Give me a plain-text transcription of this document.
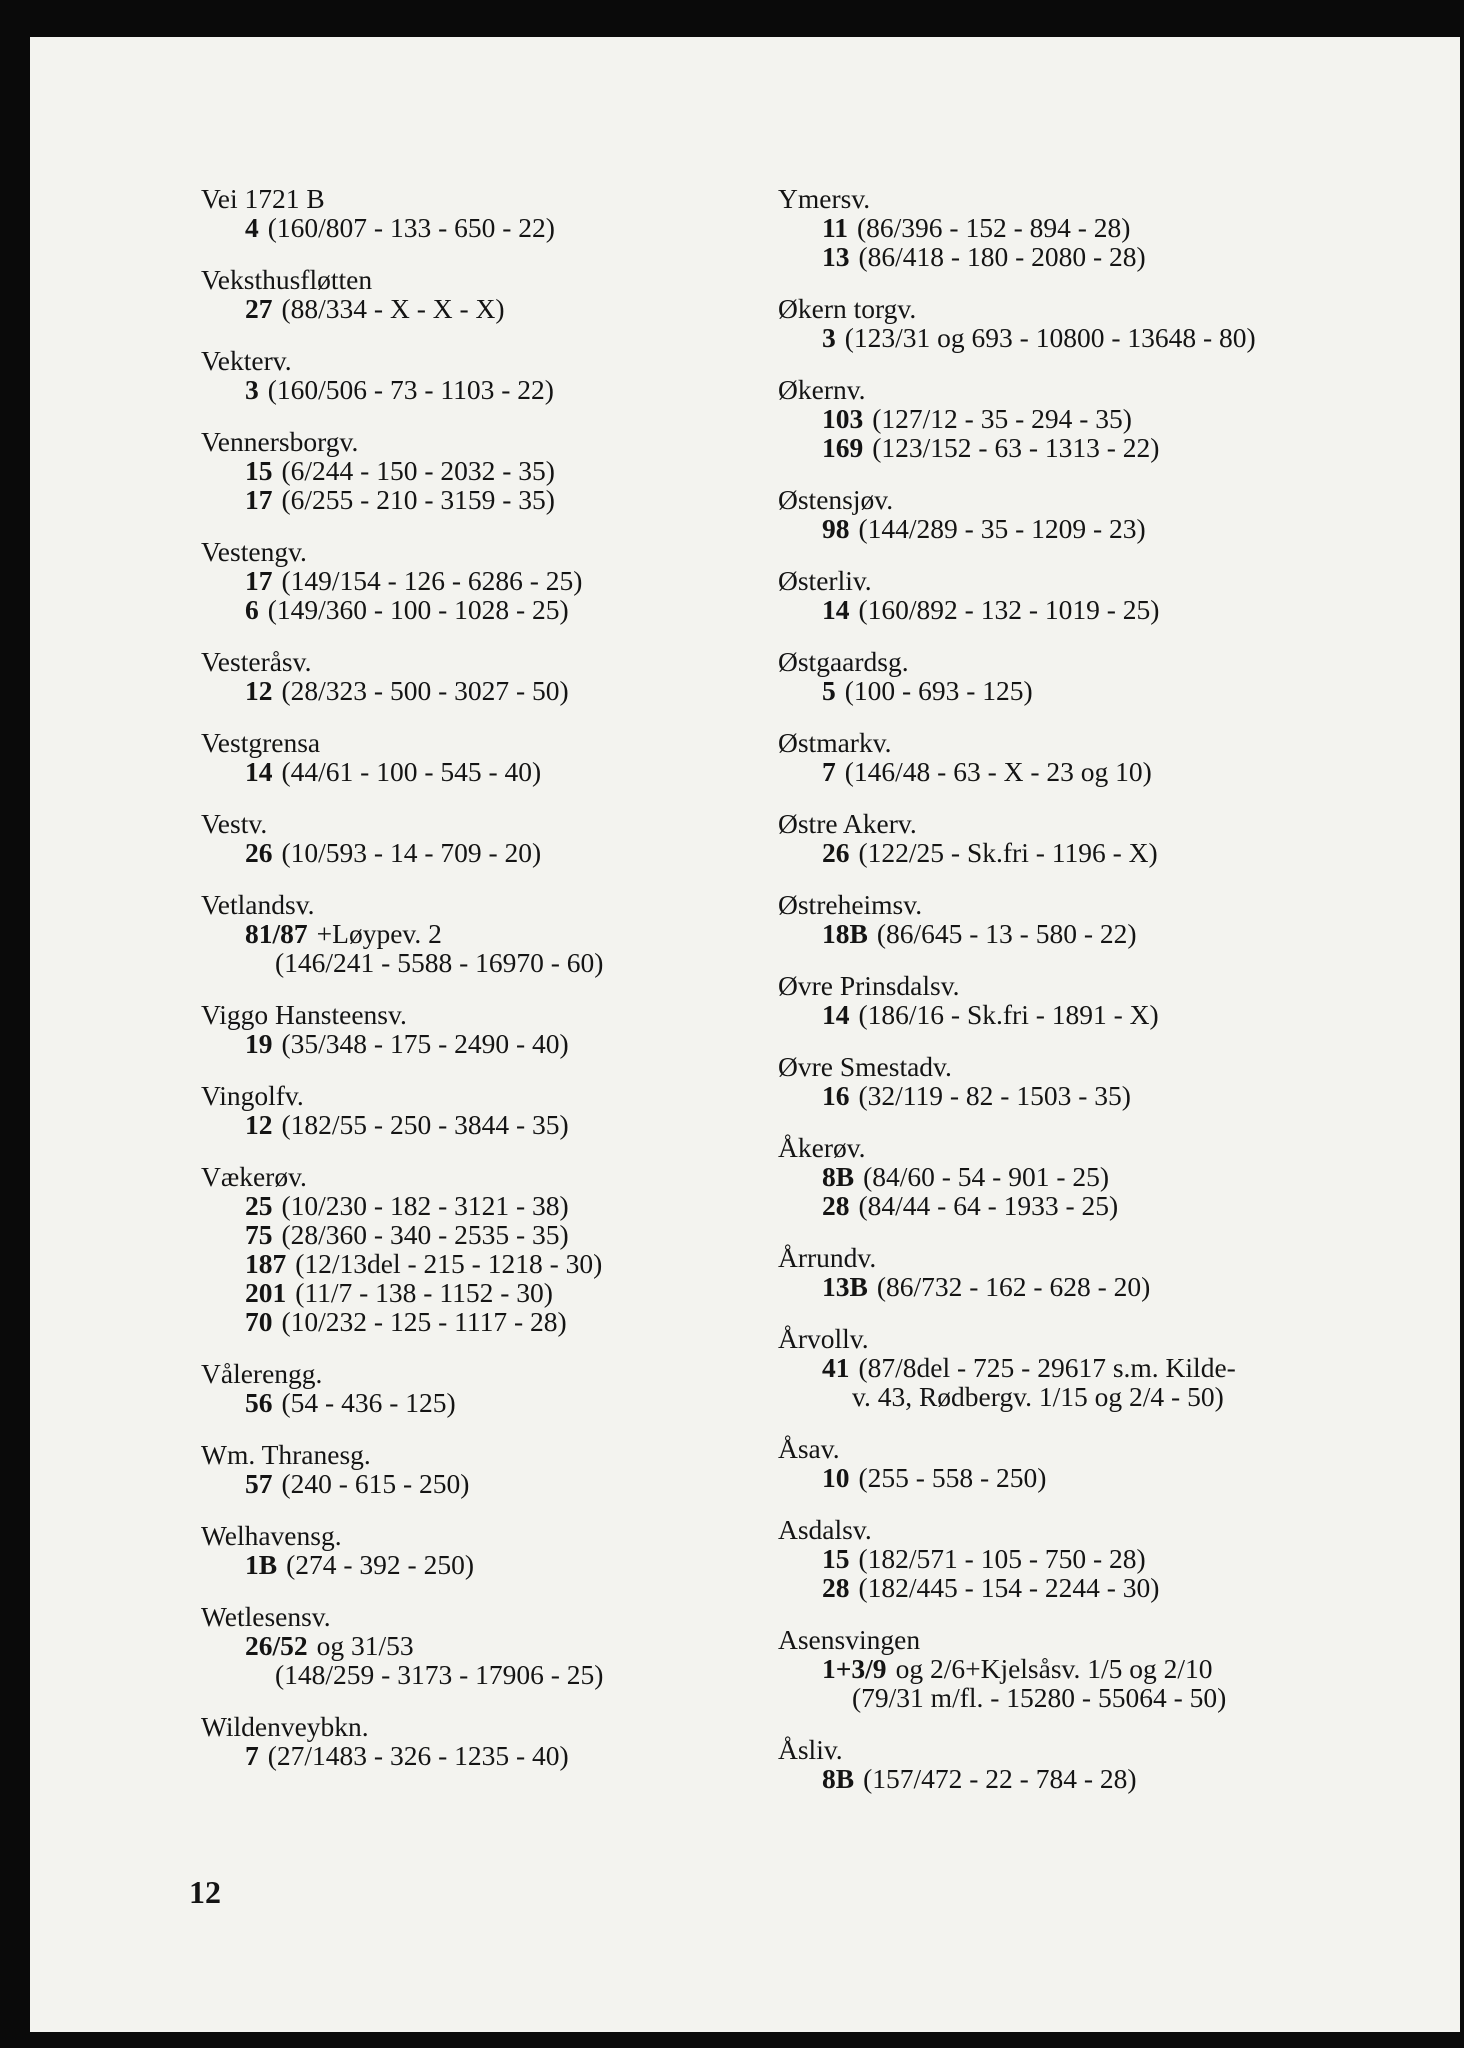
Vei 1721 B
4 (160/807 - 133 - 650 - 22)
Veksthusfløtten
27 (88/334 - X - X - X)
Vekterv.
3 (160/506 - 73 - 1103 - 22)
Vennersborgv.
15 (6/244 - 150 - 2032 - 35)
17 (6/255 - 210 - 3159 - 35)
Vestengv.
17 (149/154 - 126 - 6286 - 25)
6 (149/360 - 100 - 1028 - 25)
Vesteråsv.
12 (28/323 - 500 - 3027 - 50)
Vestgrensa
14 (44/61 - 100 - 545 - 40)
Vestv.
26 (10/593 - 14 - 709 - 20)
Vetlandsv.
81/87 +Løypev. 2
(146/241 - 5588 - 16970 - 60)
Viggo Hansteensv.
19 (35/348 - 175 - 2490 - 40)
Vingolfv.
12 (182/55 - 250 - 3844 - 35)
Vækerøv.
25 (10/230 - 182 - 3121 - 38)
75 (28/360 - 340 - 2535 - 35)
187 (12/13del - 215 - 1218 - 30)
201 (11/7 - 138 - 1152 - 30)
70 (10/232 - 125 - 1117 - 28)
Vålerengg.
56 (54 - 436 - 125)
Wm. Thranesg.
57 (240 - 615 - 250)
Welhavensg.
1B (274 - 392 - 250)
Wetlesensv.
26/52 og 31/53
(148/259 - 3173 - 17906 - 25)
Wildenveybkn.
7 (27/1483 - 326 - 1235 - 40)
Ymersv.
11 (86/396 - 152 - 894 - 28)
13 (86/418 - 180 - 2080 - 28)
Økern torgv.
3 (123/31 og 693 - 10800 - 13648 - 80)
Økernv.
103 (127/12 - 35 - 294 - 35)
169 (123/152 - 63 - 1313 - 22)
Østensjøv.
98 (144/289 - 35 - 1209 - 23)
Østerliv.
14 (160/892 - 132 - 1019 - 25)
Østgaardsg.
5 (100 - 693 - 125)
Østmarkv.
7 (146/48 - 63 - X - 23 og 10)
Østre Akerv.
26 (122/25 - Sk.fri - 1196 - X)
Østreheimsv.
18B (86/645 - 13 - 580 - 22)
Øvre Prinsdalsv.
14 (186/16 - Sk.fri - 1891 - X)
Øvre Smestadv.
16 (32/119 - 82 - 1503 - 35)
Åkerøv.
8B (84/60 - 54 - 901 - 25)
28 (84/44 - 64 - 1933 - 25)
Årrundv.
13B (86/732 - 162 - 628 - 20)
Årvollv.
41 (87/8del - 725 - 29617 s.m. Kilde-
v. 43, Rødbergv. 1/15 og 2/4 - 50)
Åsav.
10 (255 - 558 - 250)
Asdalsv.
15 (182/571 - 105 - 750 - 28)
28 (182/445 - 154 - 2244 - 30)
Asensvingen
1+3/9 og 2/6+Kjelsåsv. 1/5 og 2/10
(79/31 m/fl. - 15280 - 55064 - 50)
Åsliv.
8B (157/472 - 22 - 784 - 28)
12
